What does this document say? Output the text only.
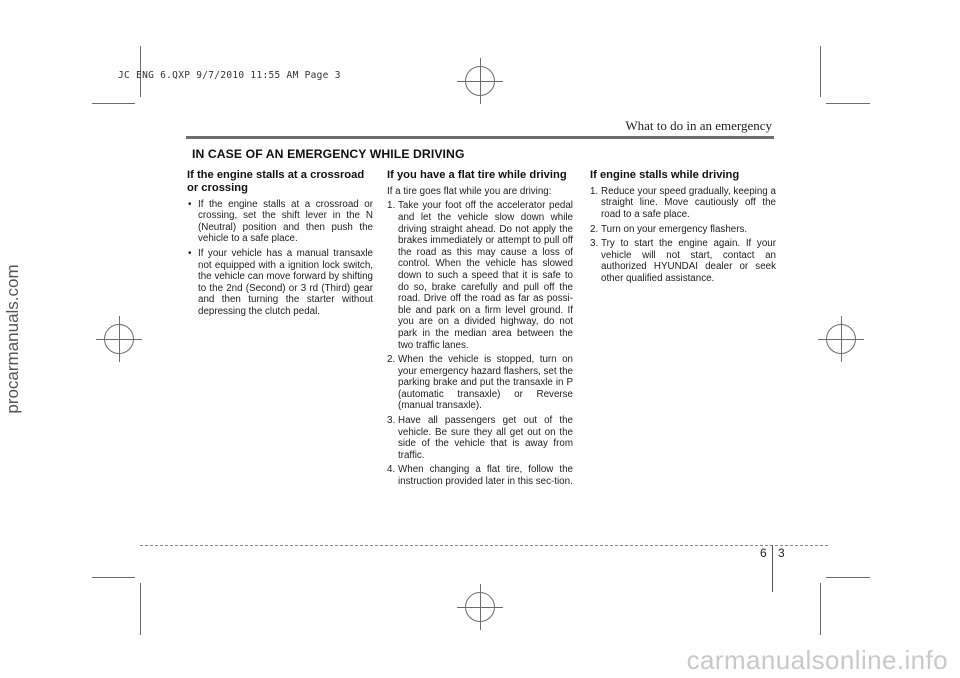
JC ENG 6.QXP 9/7/2010 11:55 AM Page 3
procarmanuals.com
What to do in an emergency
IN CASE OF AN EMERGENCY WHILE DRIVING
If the engine stalls at a crossroad or crossing
• If the engine stalls at a crossroad or crossing, set the shift lever in the N (Neutral) position and then push the vehicle to a safe place.
• If your vehicle has a manual transaxle not equipped with a ignition lock switch, the vehicle can move forward by shifting to the 2nd (Second) or 3 rd (Third) gear and then turning the starter without depressing the clutch pedal.
If you have a flat tire while driving

If a tire goes flat while you are driving:

1. Take your foot off the accelerator pedal and let the vehicle slow down while driving straight ahead. Do not apply the brakes immediately or attempt to pull off the road as this may cause a loss of control. When the vehicle has slowed down to such a speed that it is safe to do so, brake carefully and pull off the road. Drive off the road as far as possi-ble and park on a firm level ground. If you are on a divided highway, do not park in the median area between the two traffic lanes.
2. When the vehicle is stopped, turn on your emergency hazard flashers, set the parking brake and put the transaxle in P (automatic transaxle) or Reverse (manual transaxle).
3. Have all passengers get out of the vehicle. Be sure they all get out on the side of the vehicle that is away from traffic.
4. When changing a flat tire, follow the instruction provided later in this sec-tion.
If engine stalls while driving
1. Reduce your speed gradually, keeping a straight line. Move cautiously off the road to a safe place.
2. Turn on your emergency flashers.
3. Try to start the engine again. If your vehicle will not start, contact an authorized HYUNDAI dealer or seek other qualified assistance.
6 3
carmanualsonline.info
